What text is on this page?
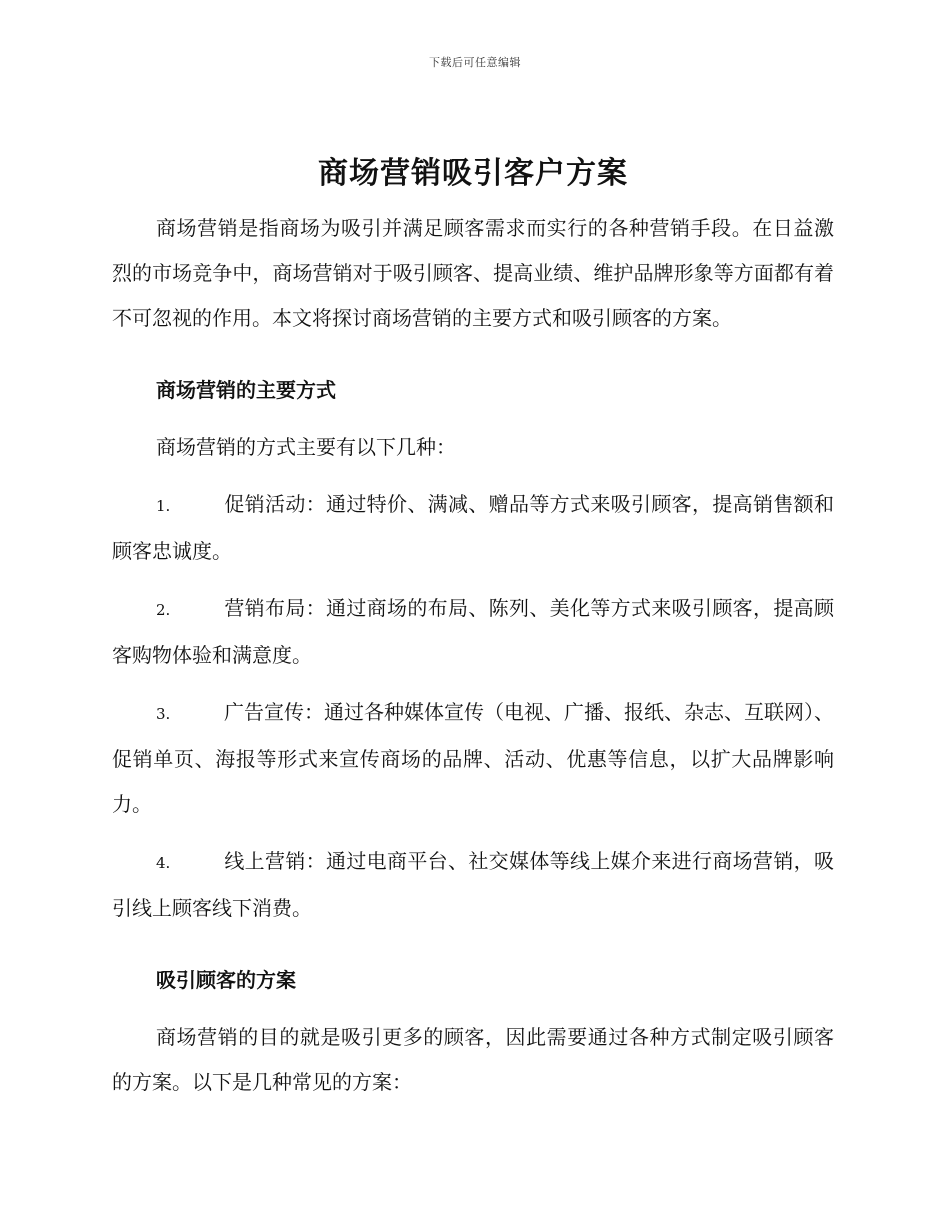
下载后可任意编辑
商场营销吸引客户方案

商场营销是指商场为吸引并满足顾客需求而实行的各种营销手段。在日益激烈的市场竞争中，商场营销对于吸引顾客、提高业绩、维护品牌形象等方面都有着不可忽视的作用。本文将探讨商场营销的主要方式和吸引顾客的方案。

商场营销的主要方式

商场营销的方式主要有以下几种：

1.	促销活动：通过特价、满减、赠品等方式来吸引顾客，提高销售额和顾客忠诚度。
2.	营销布局：通过商场的布局、陈列、美化等方式来吸引顾客，提高顾客购物体验和满意度。
3.	广告宣传：通过各种媒体宣传（电视、广播、报纸、杂志、互联网）、促销单页、海报等形式来宣传商场的品牌、活动、优惠等信息，以扩大品牌影响力。
4.	线上营销：通过电商平台、社交媒体等线上媒介来进行商场营销，吸引线上顾客线下消费。
吸引顾客的方案

商场营销的目的就是吸引更多的顾客，因此需要通过各种方式制定吸引顾客的方案。以下是几种常见的方案：
